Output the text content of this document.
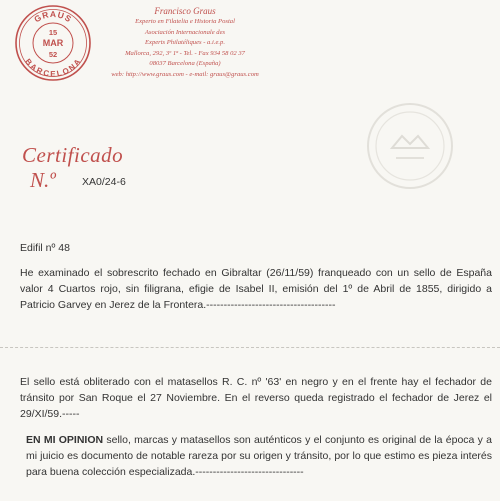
GRAUS
BARCELONA
15
MAR
52
Francisco Graus
Experto en Filatelia e Historia Postal
Asociación Internacionale des
Experts Philatéliques - a.i.e.p.
Mallorca, 292, 3º 1ª - Tel. - Fax 934 58 02 37
08037 Barcelona (España)
web: http://www.graus.com - e-mail: graus@graus.com
Certificado
N.º XA0/24-6
Edifil nº 48
He examinado el sobrescrito fechado en Gibraltar (26/11/59) franqueado con un sello de España valor 4 Cuartos rojo, sin filigrana, efigie de Isabel II, emisión del 1º de Abril de 1855, dirigido a Patricio Garvey en Jerez de la Frontera.-------------------------------------
El sello está obliterado con el matasellos R. C. nº '63' en negro y en el frente hay el fechador de tránsito por San Roque el 27 Noviembre. En el reverso queda registrado el fechador de Jerez el 29/XI/59.-----
EN MI OPINION sello, marcas y matasellos son auténticos y el conjunto es original de la época y a mi juicio es documento de notable rareza por su origen y tránsito, por lo que estimo es pieza interés para buena colección especializada.-------------------------------
